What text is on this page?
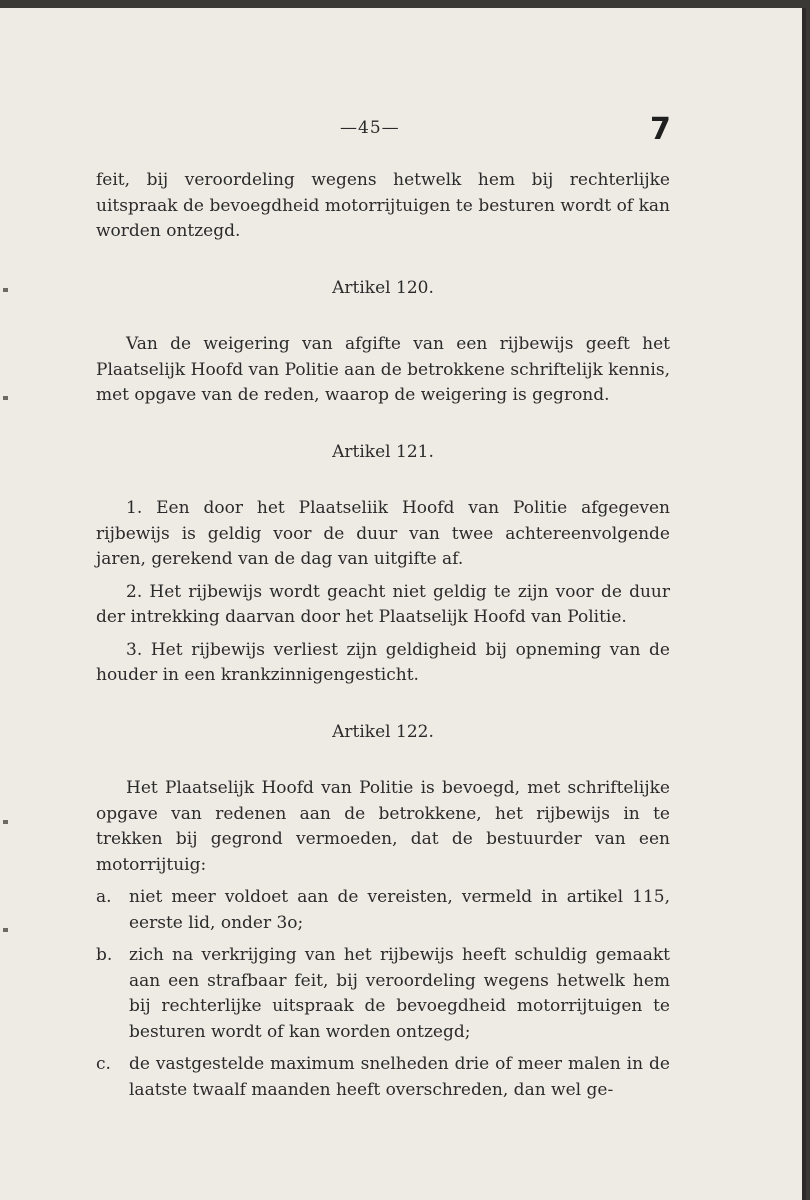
—45—	7

feit, bij veroordeling wegens hetwelk hem bij rechterlijke uitspraak de bevoegdheid motorrijtuigen te besturen wordt of kan worden ontzegd.

Artikel 120.

Van de weigering van afgifte van een rijbewijs geeft het Plaatselijk Hoofd van Politie aan de betrokkene schriftelijk kennis, met opgave van de reden, waarop de weigering is gegrond.

Artikel 121.

1. Een door het Plaatseliik Hoofd van Politie afgegeven rijbewijs is geldig voor de duur van twee achtereenvolgende jaren, gerekend van de dag van uitgifte af.

2. Het rijbewijs wordt geacht niet geldig te zijn voor de duur der intrekking daarvan door het Plaatselijk Hoofd van Politie.

3. Het rijbewijs verliest zijn geldigheid bij opneming van de houder in een krankzinnigengesticht.

Artikel 122.

Het Plaatselijk Hoofd van Politie is bevoegd, met schriftelijke opgave van redenen aan de betrokkene, het rijbewijs in te trekken bij gegrond vermoeden, dat de bestuurder van een motorrijtuig:

a.	niet meer voldoet aan de vereisten, vermeld in artikel 115, eerste lid, onder 3o;
b. zich na verkrijging van het rijbewijs heeft schuldig gemaakt aan een strafbaar feit, bij veroordeling wegens hetwelk hem bij rechterlijke uitspraak de bevoegdheid motorrijtuigen te besturen wordt of kan worden ontzegd;
c.	de vastgestelde maximum snelheden drie of meer malen in de laatste twaalf maanden heeft overschreden, dan wel ge-
